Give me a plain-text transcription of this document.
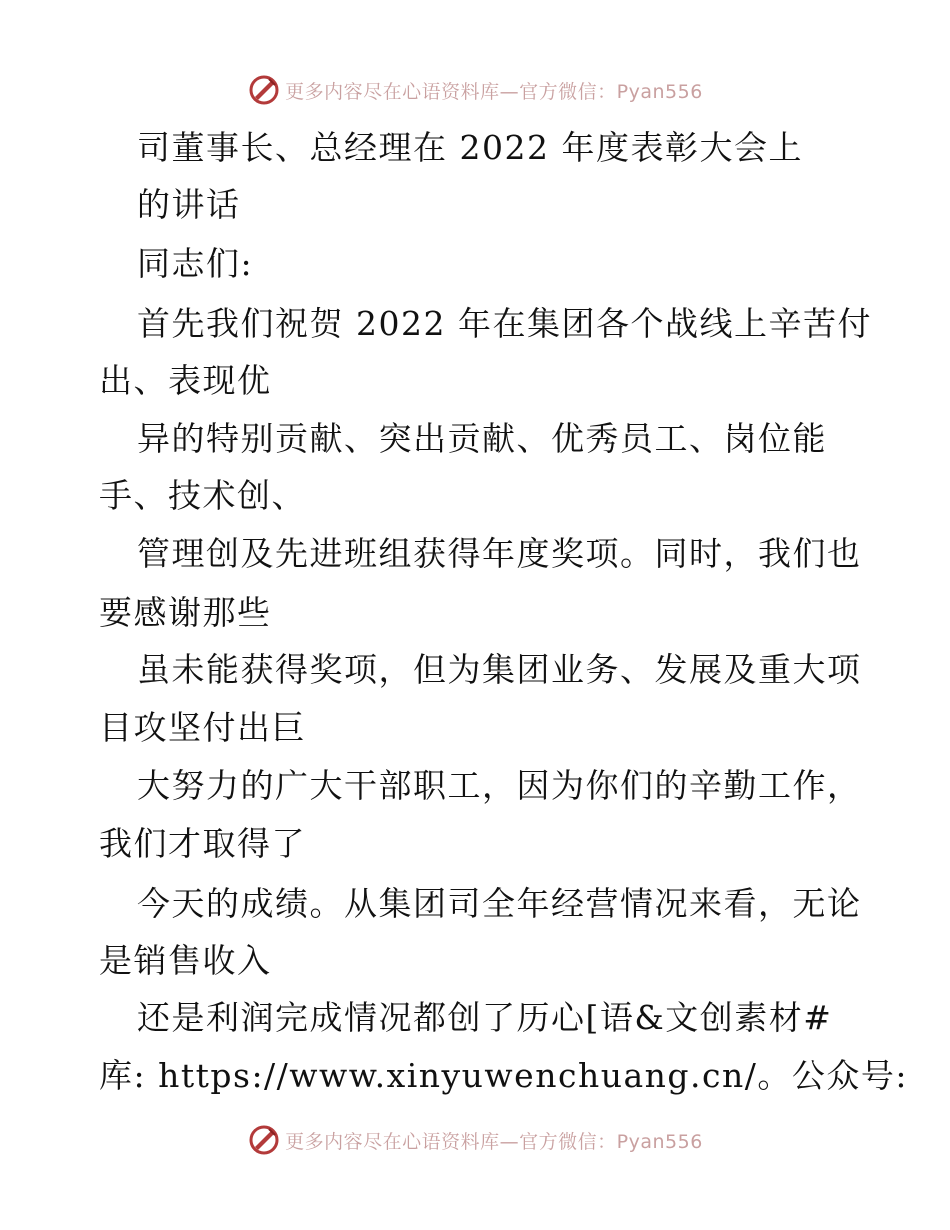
更多内容尽在心语资料库—官方微信：Pyan556
司董事长、总经理在 2022 年度表彰大会上
的讲话
同志们:
首先我们祝贺 2022 年在集团各个战线上辛苦付
出、表现优
异的特别贡献、突出贡献、优秀员工、岗位能
手、技术创、
管理创及先进班组获得年度奖项。同时，我们也
要感谢那些
虽未能获得奖项，但为集团业务、发展及重大项
目攻坚付出巨
大努力的广大干部职工，因为你们的辛勤工作，
我们才取得了
今天的成绩。从集团司全年经营情况来看，无论
是销售收入
还是利润完成情况都创了历心[语&文创素材#
库: https://www.xinyuwenchuang.cn/。公众号:
更多内容尽在心语资料库—官方微信：Pyan556
